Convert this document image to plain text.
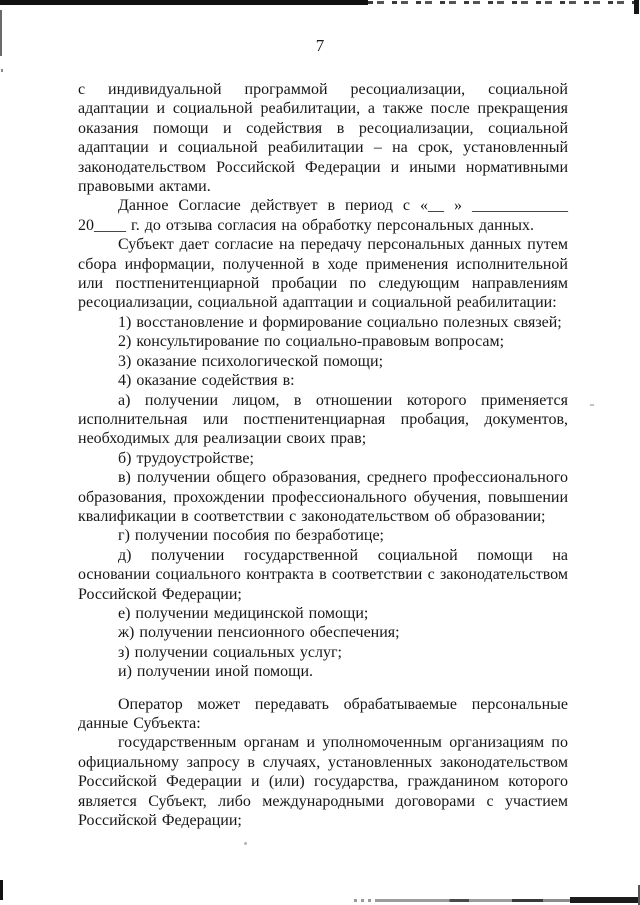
7

с индивидуальной программой ресоциализации, социальной адаптации и социальной реабилитации, а также после прекращения оказания помощи и содействия в ресоциализации, социальной адаптации и социальной реабилитации – на срок, установленный законодательством Российской Федерации и иными нормативными правовыми актами.

Данное Согласие действует в период с «__ » ____________ 20____ г. до отзыва согласия на обработку персональных данных.

Субъект дает согласие на передачу персональных данных путем сбора информации, полученной в ходе применения исполнительной или постпенитенциарной пробации по следующим направлениям ресоциализации, социальной адаптации и социальной реабилитации:

1) восстановление и формирование социально полезных связей;

2) консультирование по социально-правовым вопросам;

3) оказание психологической помощи;

4) оказание содействия в:

а) получении лицом, в отношении которого применяется исполнительная или постпенитенциарная пробация, документов, необходимых для реализации своих прав;

б) трудоустройстве;

в) получении общего образования, среднего профессионального образования, прохождении профессионального обучения, повышении квалификации в соответствии с законодательством об образовании;

г) получении пособия по безработице;

д) получении государственной социальной помощи на основании социального контракта в соответствии с законодательством Российской Федерации;

е) получении медицинской помощи;

ж) получении пенсионного обеспечения;

з) получении социальных услуг;

и) получении иной помощи.

Оператор может передавать обрабатываемые персональные данные Субъекта:

государственным органам и уполномоченным организациям по официальному запросу в случаях, установленных законодательством Российской Федерации и (или) государства, гражданином которого является Субъект, либо международными договорами с участием Российской Федерации;
